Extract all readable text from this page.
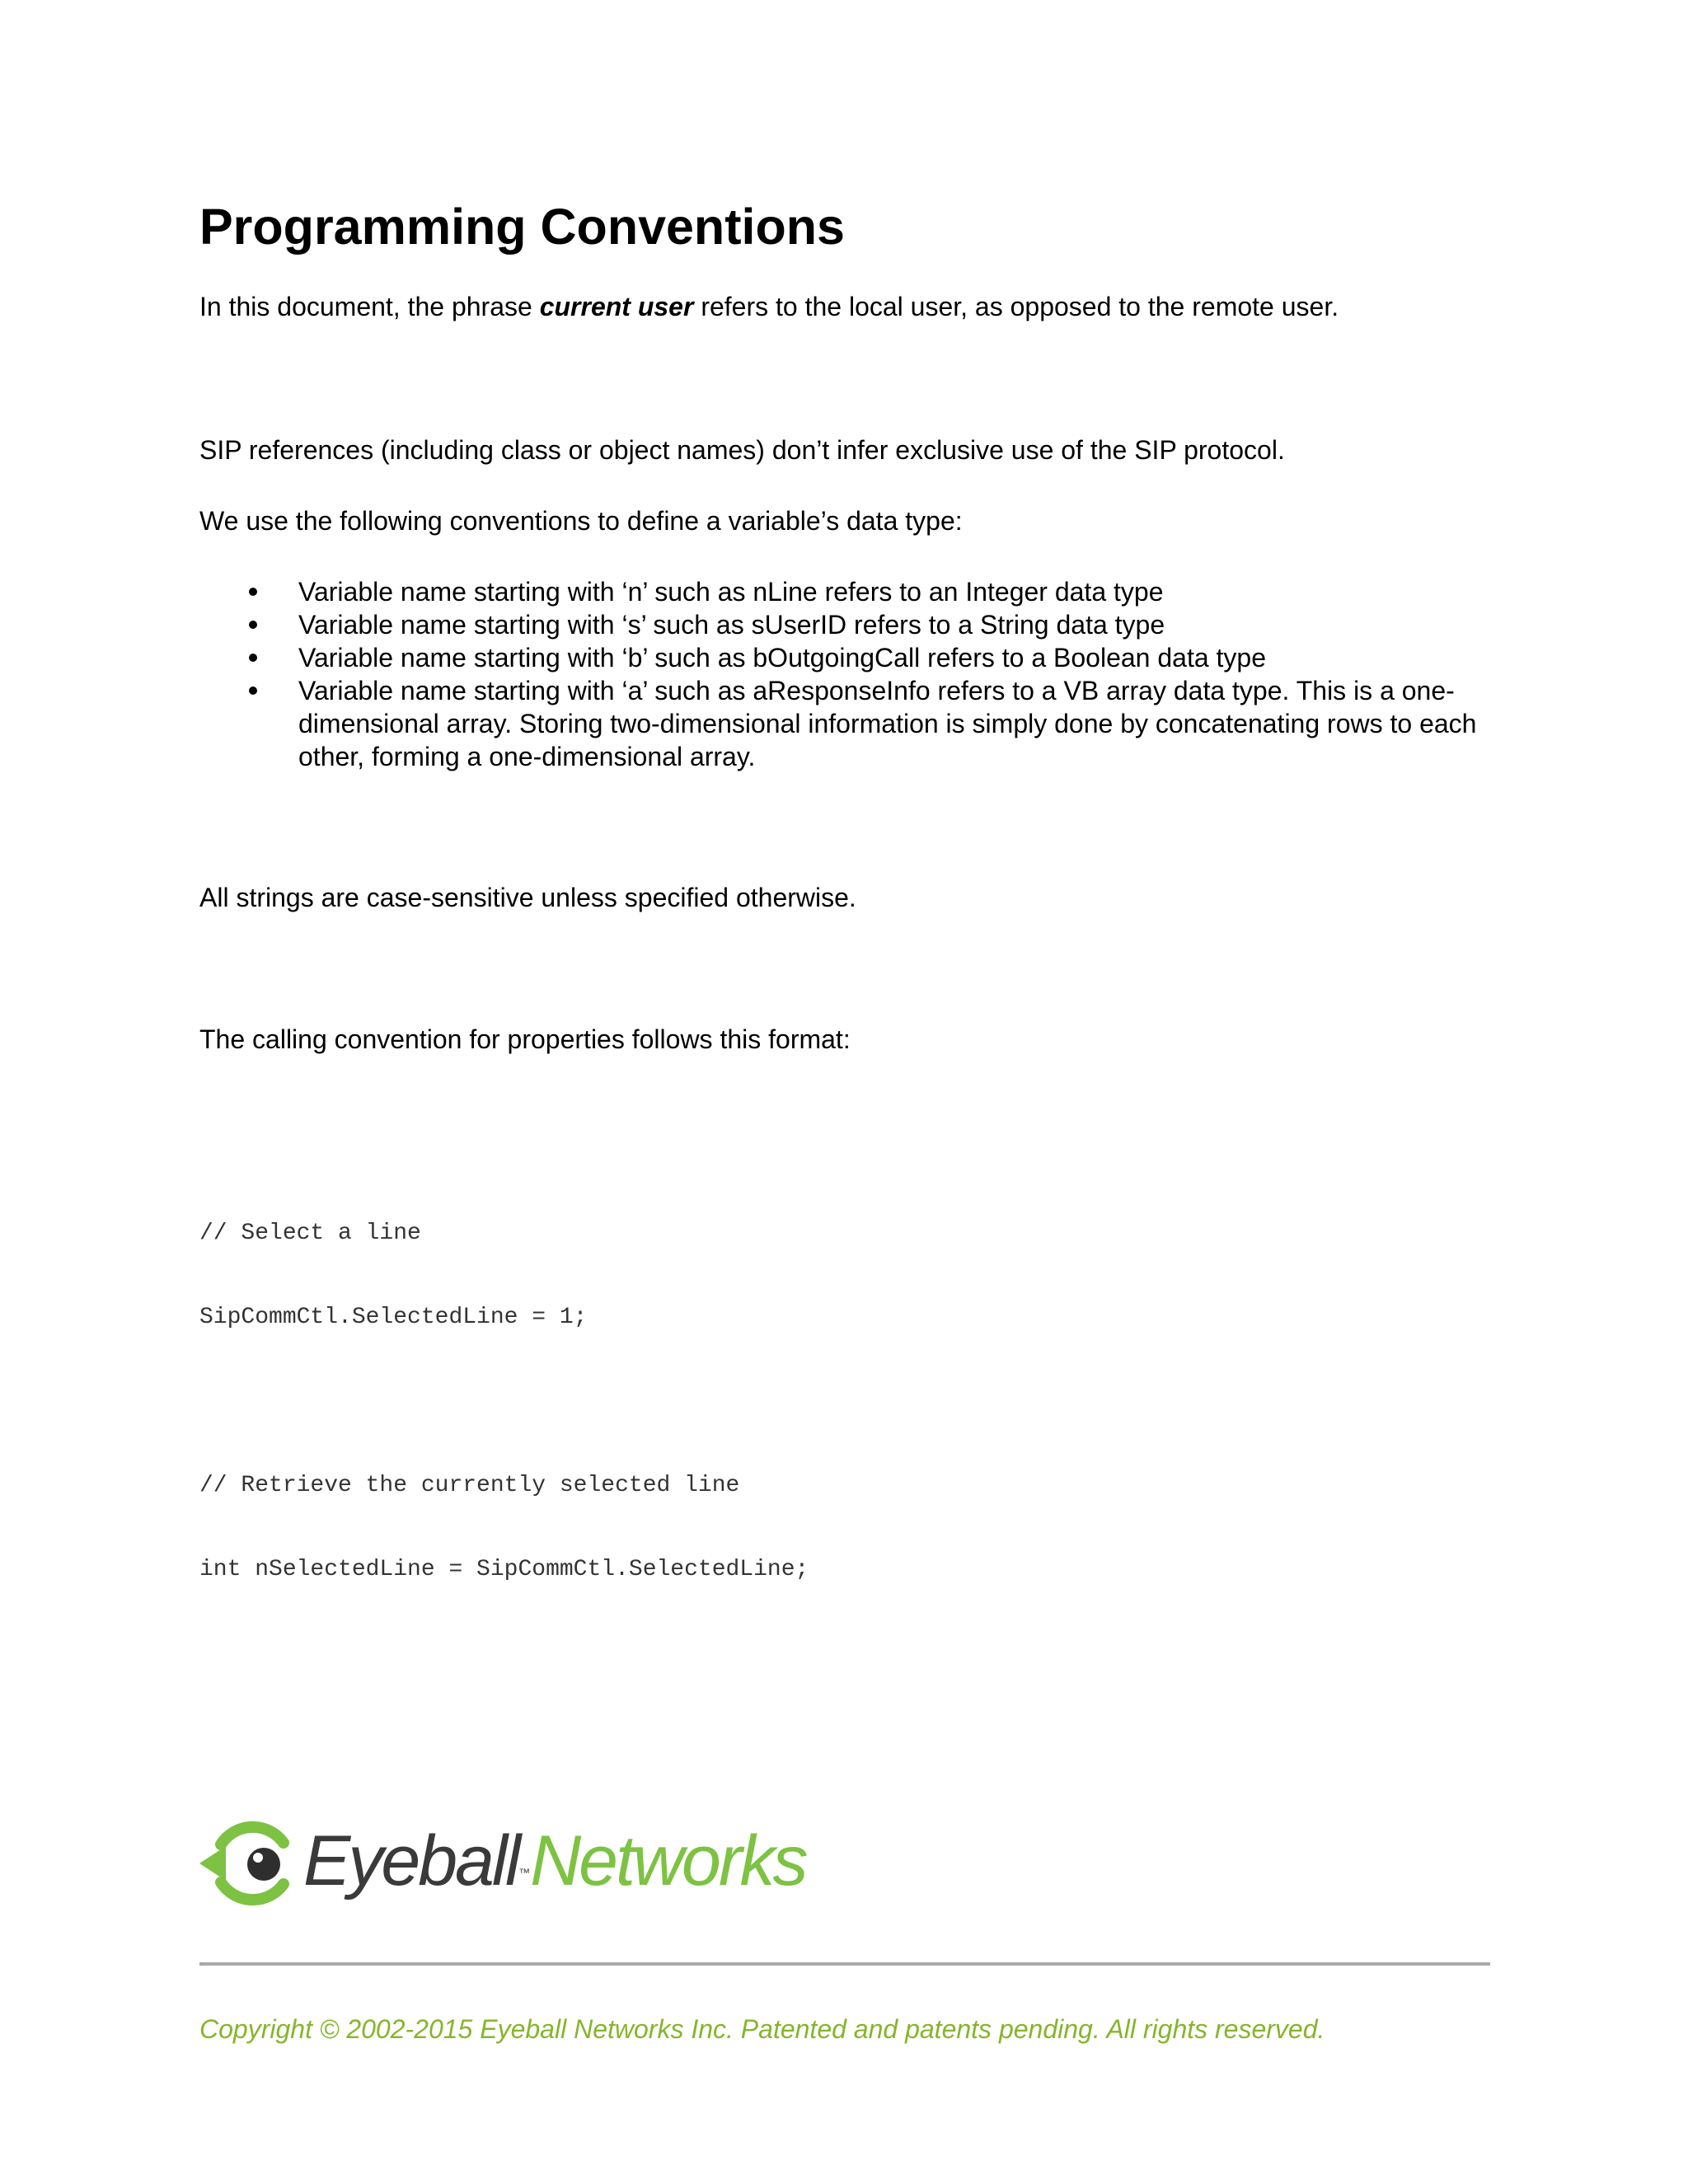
Programming Conventions

In this document, the phrase current user refers to the local user, as opposed to the remote user.

SIP references (including class or object names) don’t infer exclusive use of the SIP protocol.

We use the following conventions to define a variable’s data type:

Variable name starting with ‘n’ such as nLine refers to an Integer data type
Variable name starting with ‘s’ such as sUserID refers to a String data type
Variable name starting with ‘b’ such as bOutgoingCall refers to a Boolean data type
Variable name starting with ‘a’ such as aResponseInfo refers to a VB array data type. This is a one-dimensional array. Storing two-dimensional information is simply done by concatenating rows to each other, forming a one-dimensional array.

All strings are case-sensitive unless specified otherwise.

The calling convention for properties follows this format:

// Select a line

SipCommCtl.SelectedLine = 1;

// Retrieve the currently selected line

int nSelectedLine = SipCommCtl.SelectedLine;

Eyeball™Networks

Copyright © 2002-2015 Eyeball Networks Inc. Patented and patents pending. All rights reserved.
